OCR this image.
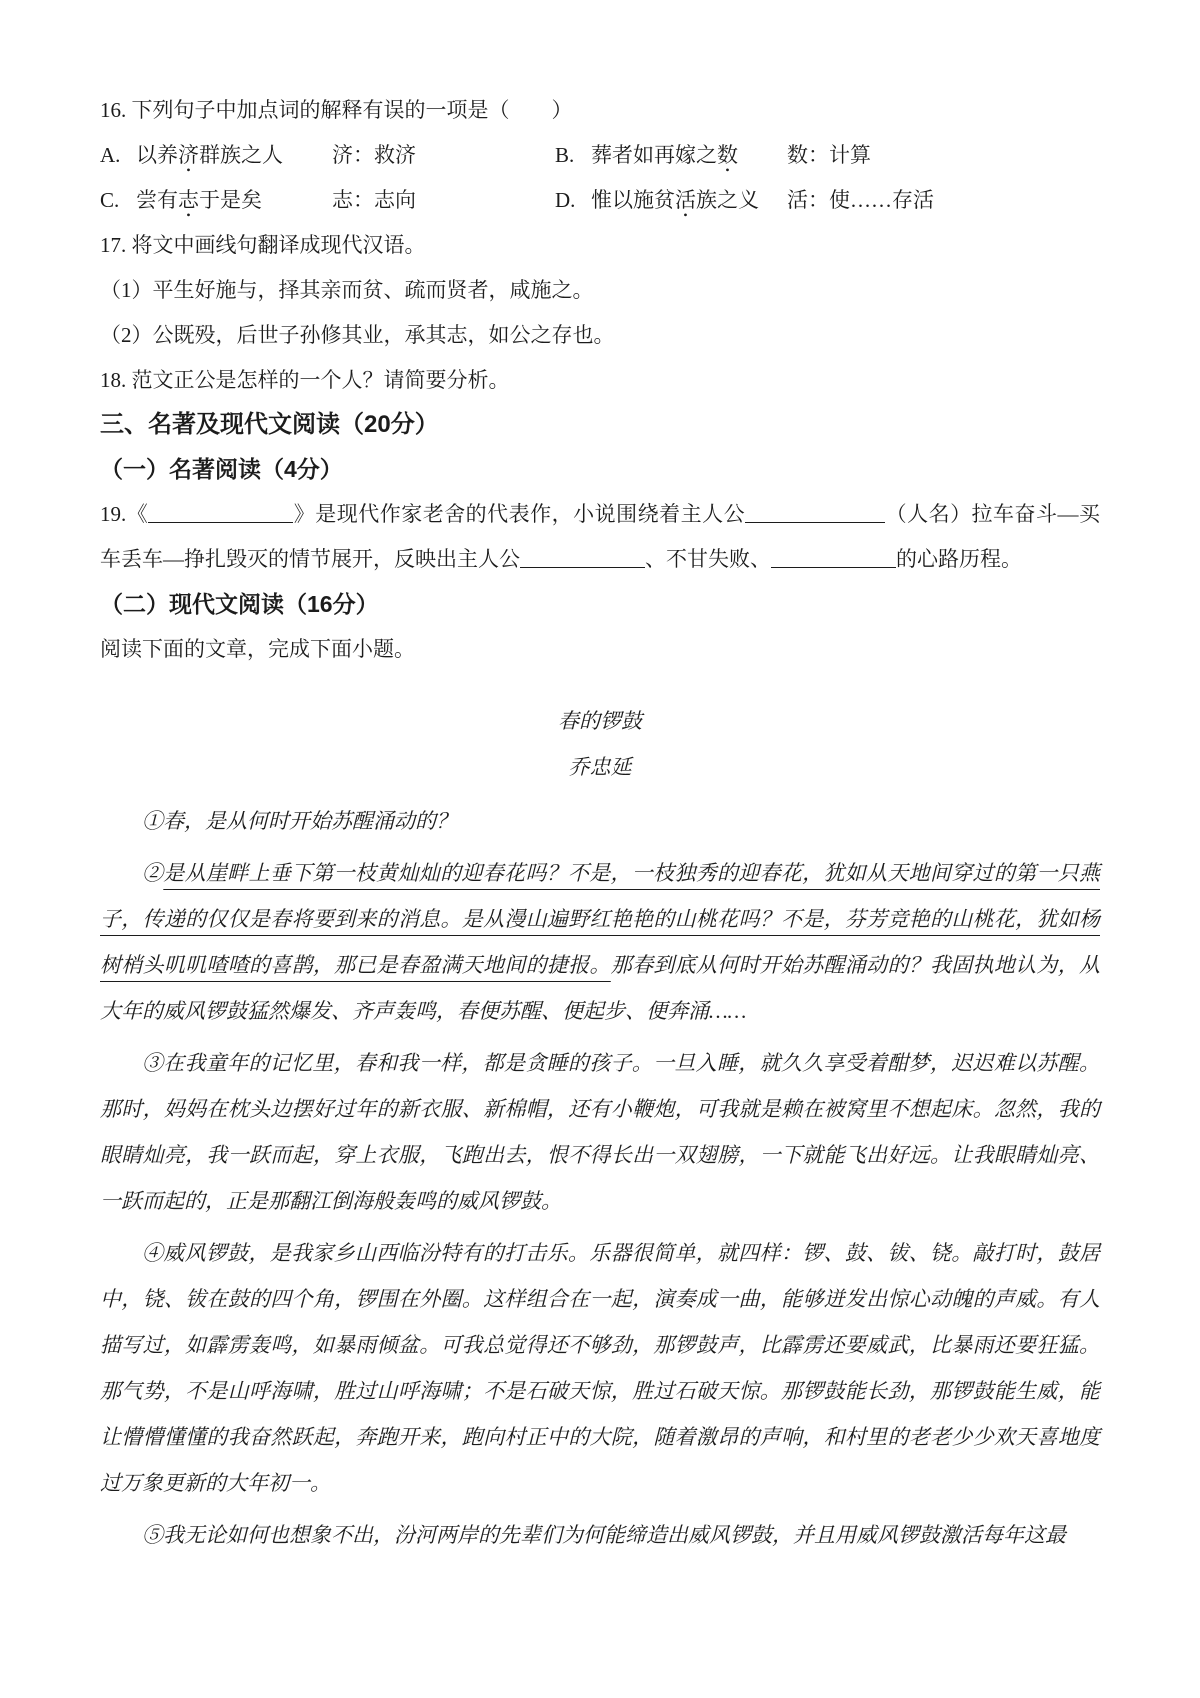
16. 下列句子中加点词的解释有误的一项是（　　）
A. 以养济群族之人	济：救济	B. 葬者如再嫁之数	数：计算
C. 尝有志于是矣	志：志向	D. 惟以施贫活族之义	活：使……存活
17. 将文中画线句翻译成现代汉语。
（1）平生好施与，择其亲而贫、疏而贤者，咸施之。
（2）公既殁，后世子孙修其业，承其志，如公之存也。
18. 范文正公是怎样的一个人？请简要分析。
三、名著及现代文阅读（20分）
（一）名著阅读（4分）
19.《	》是现代作家老舍的代表作，小说围绕着主人公	（人名）拉车奋斗—买车丢车—挣扎毁灭的情节展开，反映出主人公	、不甘失败、	的心路历程。
（二）现代文阅读（16分）
阅读下面的文章，完成下面小题。
春的锣鼓
乔忠延

①春，是从何时开始苏醒涌动的？

②是从崖畔上垂下第一枝黄灿灿的迎春花吗？不是，一枝独秀的迎春花，犹如从天地间穿过的第一只燕子，传递的仅仅是春将要到来的消息。是从漫山遍野红艳艳的山桃花吗？不是，芬芳竞艳的山桃花，犹如杨树梢头叽叽喳喳的喜鹊，那已是春盈满天地间的捷报。那春到底从何时开始苏醒涌动的？我固执地认为，从大年的威风锣鼓猛然爆发、齐声轰鸣，春便苏醒、便起步、便奔涌……

③在我童年的记忆里，春和我一样，都是贪睡的孩子。一旦入睡，就久久享受着酣梦，迟迟难以苏醒。那时，妈妈在枕头边摆好过年的新衣服、新棉帽，还有小鞭炮，可我就是赖在被窝里不想起床。忽然，我的眼睛灿亮，我一跃而起，穿上衣服，飞跑出去，恨不得长出一双翅膀，一下就能飞出好远。让我眼睛灿亮、一跃而起的，正是那翻江倒海般轰鸣的威风锣鼓。

④威风锣鼓，是我家乡山西临汾特有的打击乐。乐器很简单，就四样：锣、鼓、钹、铙。敲打时，鼓居中，铙、钹在鼓的四个角，锣围在外圈。这样组合在一起，演奏成一曲，能够迸发出惊心动魄的声威。有人描写过，如霹雳轰鸣，如暴雨倾盆。可我总觉得还不够劲，那锣鼓声，比霹雳还要威武，比暴雨还要狂猛。那气势，不是山呼海啸，胜过山呼海啸；不是石破天惊，胜过石破天惊。那锣鼓能长劲，那锣鼓能生威，能让懵懵懂懂的我奋然跃起，奔跑开来，跑向村正中的大院，随着激昂的声响，和村里的老老少少欢天喜地度过万象更新的大年初一。

⑤我无论如何也想象不出，汾河两岸的先辈们为何能缔造出威风锣鼓，并且用威风锣鼓激活每年这最
